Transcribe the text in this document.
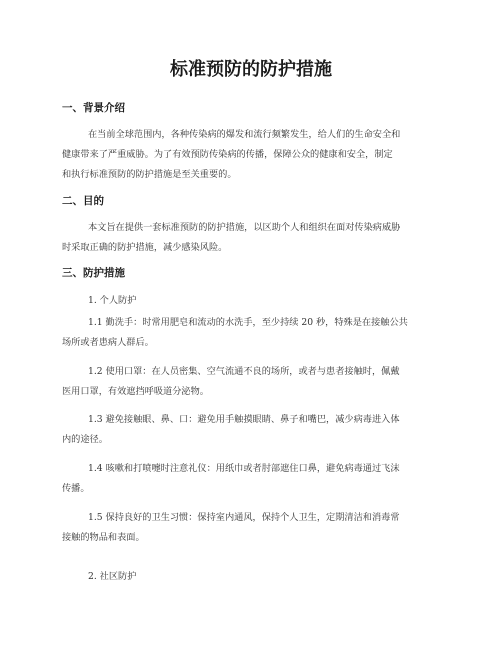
标准预防的防护措施
一、背景介绍

在当前全球范围内，各种传染病的爆发和流行频繁发生，给人们的生命安全和
健康带来了严重威胁。为了有效预防传染病的传播，保障公众的健康和安全，制定
和执行标准预防的防护措施是至关重要的。

二、目的

本文旨在提供一套标准预防的防护措施，以区助个人和组织在面对传染病威胁
时采取正确的防护措施，减少感染风险。

三、防护措施

1. 个人防护

1.1 勤洗手：时常用肥皂和流动的水洗手，至少持续 20 秒，特殊是在接触公共
场所或者患病人群后。

1.2 使用口罩：在人员密集、空气流通不良的场所，或者与患者接触时，佩戴
医用口罩，有效遮挡呼吸道分泌物。

1.3 避免接触眼、鼻、口：避免用手触摸眼睛、鼻子和嘴巴，减少病毒进入体
内的途径。

1.4 咳嗽和打喷嚏时注意礼仪：用纸巾或者肘部遮住口鼻，避免病毒通过飞沫
传播。

1.5 保持良好的卫生习惯：保持室内通风，保持个人卫生，定期清洁和消毒常
接触的物品和表面。

2. 社区防护
